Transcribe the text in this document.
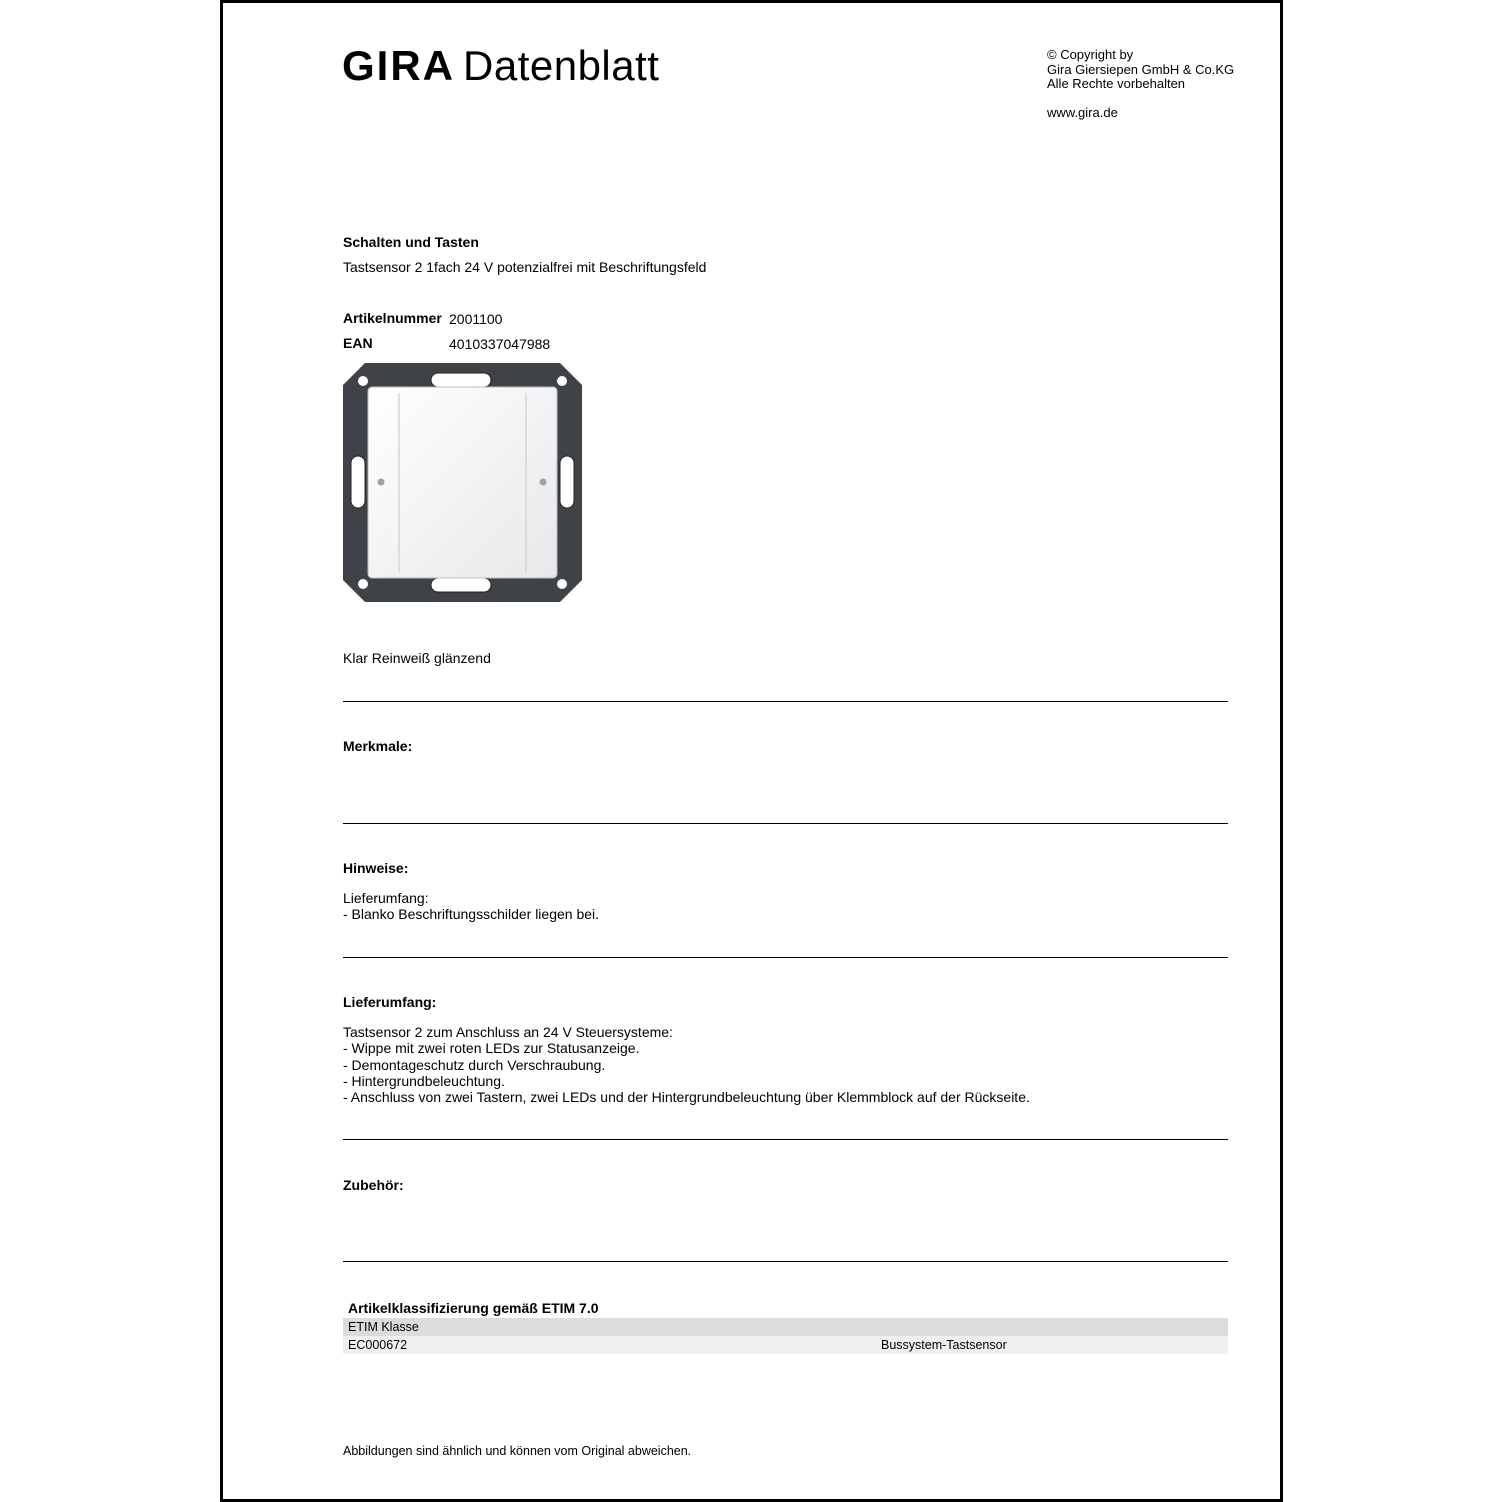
GIRA Datenblatt	© Copyright by
Gira Giersiepen GmbH & Co.KG
Alle Rechte vorbehalten
www.gira.de
Schalten und Tasten
Tastsensor 2 1fach 24 V potenzialfrei mit Beschriftungsfeld
Artikelnummer 2001100
EAN	4010337047988
Klar Reinweiß glänzend
Merkmale:
Hinweise:
Lieferumfang:
- Blanko Beschriftungsschilder liegen bei.
Lieferumfang:
Tastsensor 2 zum Anschluss an 24 V Steuersysteme:
- Wippe mit zwei roten LEDs zur Statusanzeige.
- Demontageschutz durch Verschraubung.
- Hintergrundbeleuchtung.
- Anschluss von zwei Tastern, zwei LEDs und der Hintergrundbeleuchtung über Klemmblock auf der Rückseite.
Zubehör:
Artikelklassifizierung gemäß ETIM 7.0
ETIM Klasse
EC000672	Bussystem-Tastsensor
Abbildungen sind ähnlich und können vom Original abweichen.
